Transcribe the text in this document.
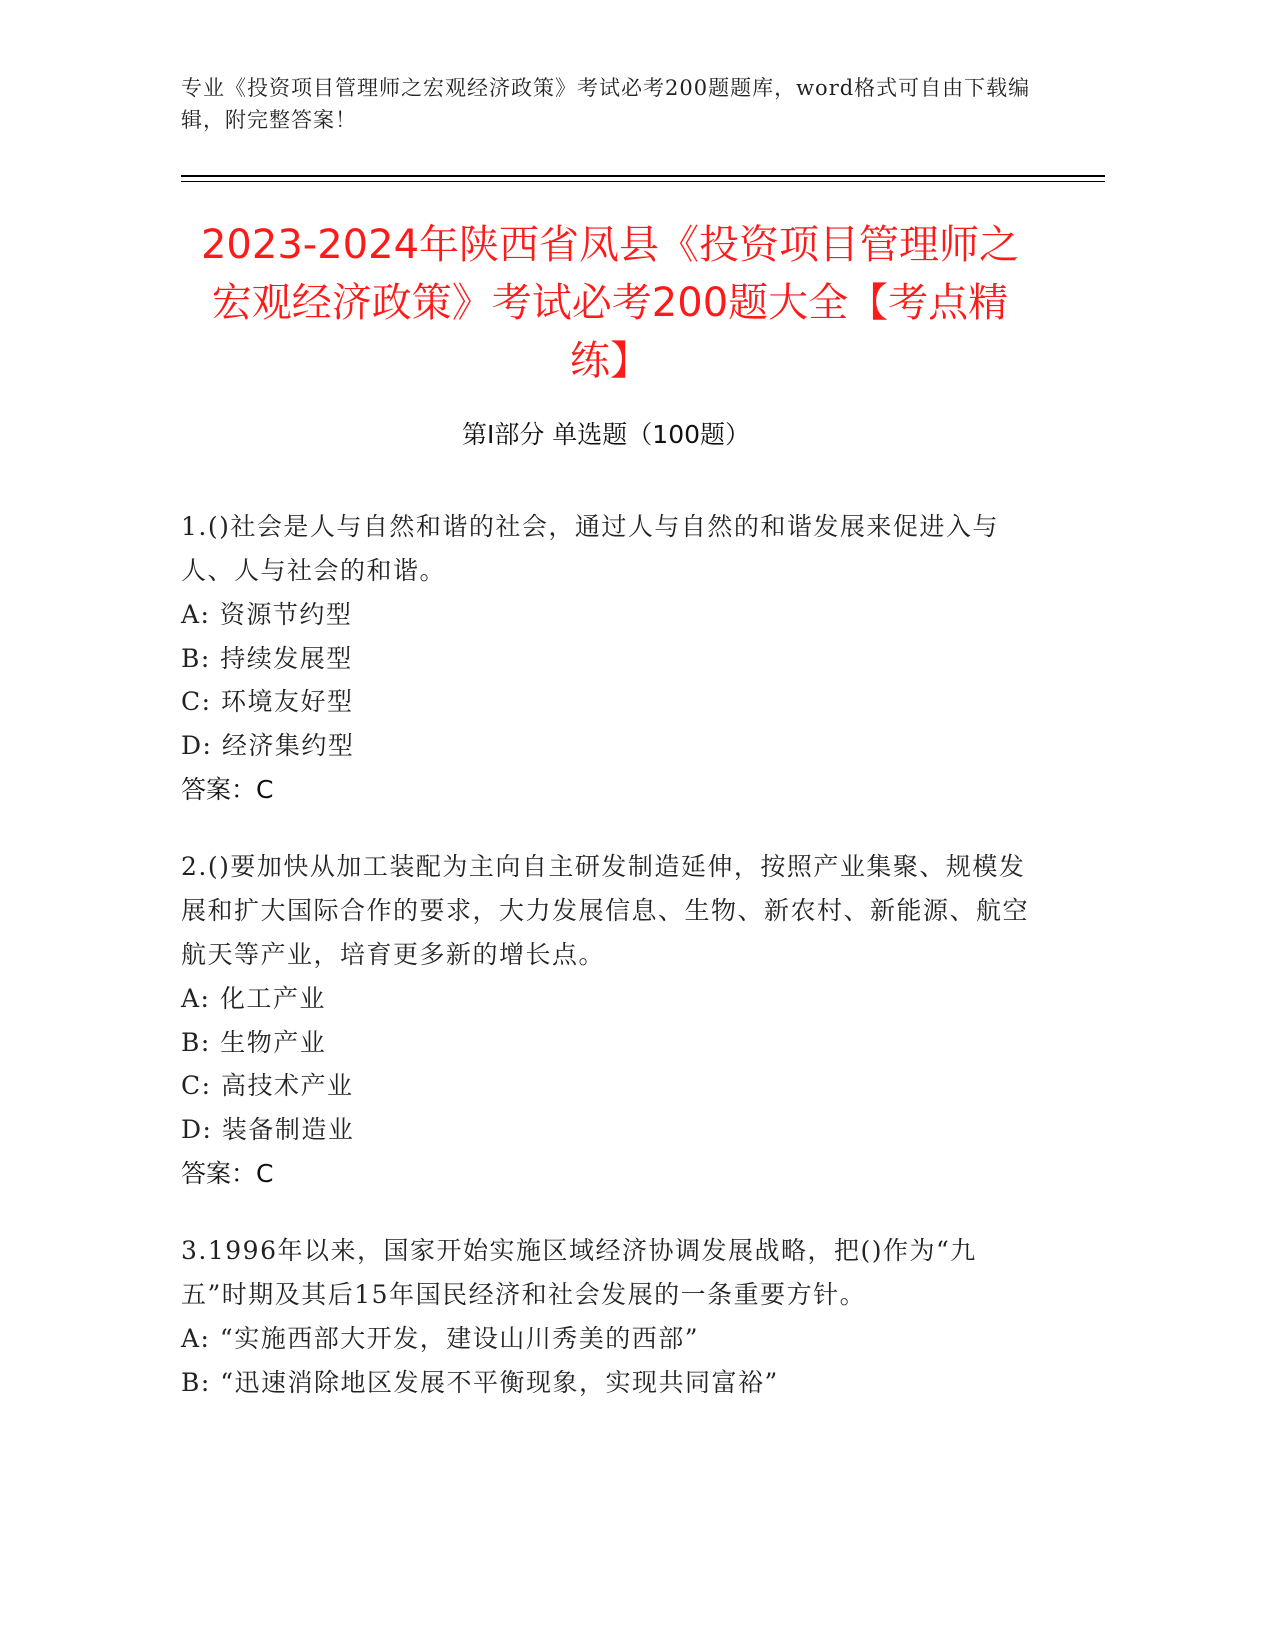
专业《投资项目管理师之宏观经济政策》考试必考200题题库，word格式可自由下载编辑，附完整答案！
2023-2024年陕西省凤县《投资项目管理师之宏观经济政策》考试必考200题大全【考点精练】
第I部分 单选题（100题）
1.()社会是人与自然和谐的社会，通过人与自然的和谐发展来促进入与人、人与社会的和谐。
A: 资源节约型
B: 持续发展型
C: 环境友好型
D: 经济集约型
答案：C
2.()要加快从加工装配为主向自主研发制造延伸，按照产业集聚、规模发展和扩大国际合作的要求，大力发展信息、生物、新农村、新能源、航空航天等产业，培育更多新的增长点。
A: 化工产业
B: 生物产业
C: 高技术产业
D: 装备制造业
答案：C
3.1996年以来，国家开始实施区域经济协调发展战略，把()作为“九五”时期及其后15年国民经济和社会发展的一条重要方针。
A: “实施西部大开发，建设山川秀美的西部”
B: “迅速消除地区发展不平衡现象，实现共同富裕”
